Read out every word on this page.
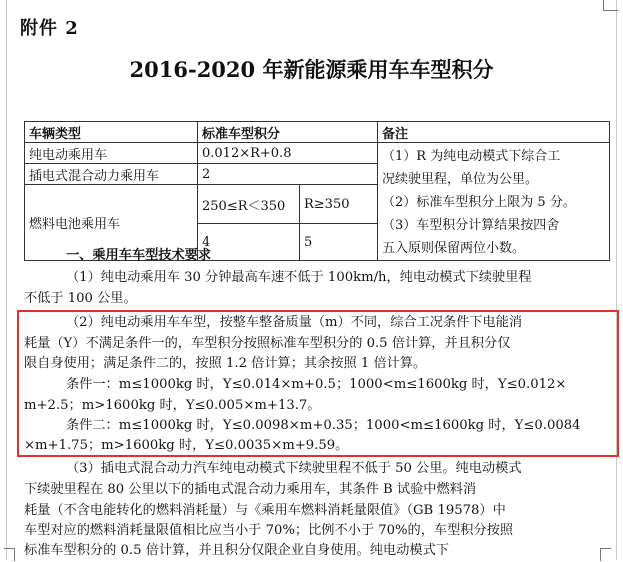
附件 2
2016-2020 年新能源乘用车车型积分
车辆类型	标准车型积分		备注
纯电动乘用车	0.012×R+0.8		（1）R 为纯电动模式下综合工
况续驶里程，单位为公里。
（2）标准车型积分上限为 5 分。
（3）车型积分计算结果按四舍
五入原则保留两位小数。

插电式混合动力乘用车	2		
燃料电池乘用车	250≤R＜350	R≥350	
	4	5	
一、乘用车车型技术要求
（1）纯电动乘用车 30 分钟最高车速不低于 100km/h，纯电动模式下续驶里程
不低于 100 公里。
（2）纯电动乘用车车型，按整车整备质量（m）不同，综合工况条件下电能消
耗量（Y）不满足条件一的，车型积分按照标准车型积分的 0.5 倍计算，并且积分仅
限自身使用；满足条件二的，按照 1.2 倍计算；其余按照 1 倍计算。
条件一：m≤1000kg 时，Y≤0.014×m+0.5；1000<m≤1600kg 时，Y≤0.012×
m+2.5；m>1600kg 时，Y≤0.005×m+13.7。
条件二：m≤1000kg 时，Y≤0.0098×m+0.35；1000<m≤1600kg 时，Y≤0.0084
×m+1.75；m>1600kg 时，Y≤0.0035×m+9.59。
（3）插电式混合动力汽车纯电动模式下续驶里程不低于 50 公里。纯电动模式
下续驶里程在 80 公里以下的插电式混合动力乘用车，其条件 B 试验中燃料消
耗量（不含电能转化的燃料消耗量）与《乘用车燃料消耗量限值》（GB 19578）中
车型对应的燃料消耗量限值相比应当小于 70%；比例不小于 70%的，车型积分按照
标准车型积分的 0.5 倍计算，并且积分仅限企业自身使用。纯电动模式下
